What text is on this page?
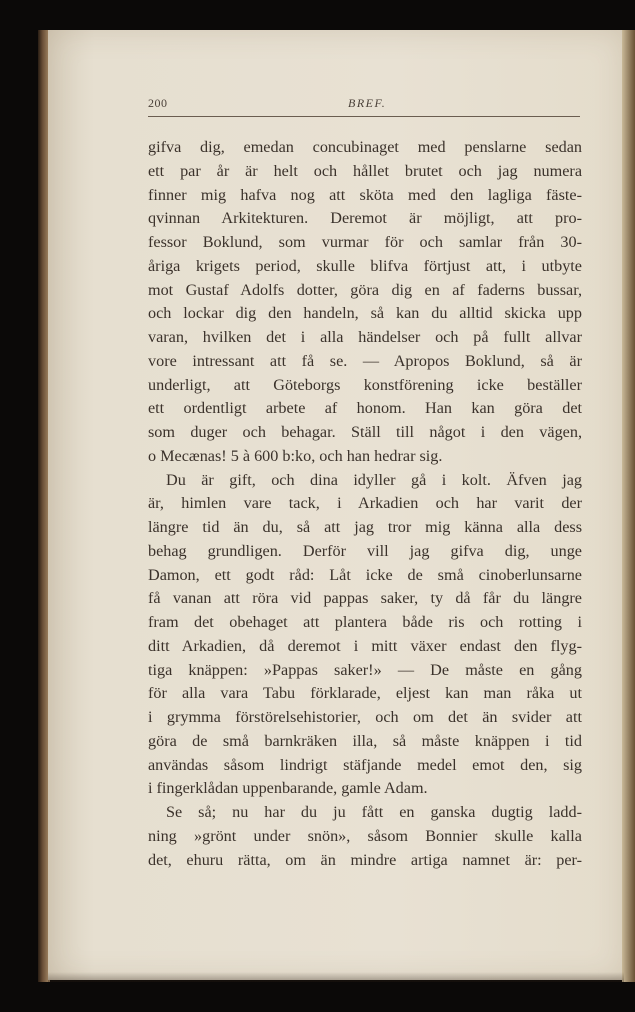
200	BREF.
gifva dig, emedan concubinaget med penslarne sedan
ett par år är helt och hållet brutet och jag numera
finner mig hafva nog att sköta med den lagliga fäste-
qvinnan Arkitekturen. Deremot är möjligt, att pro-
fessor Boklund, som vurmar för och samlar från 30-
åriga krigets period, skulle blifva förtjust att, i utbyte
mot Gustaf Adolfs dotter, göra dig en af faderns bussar,
och lockar dig den handeln, så kan du alltid skicka upp
varan, hvilken det i alla händelser och på fullt allvar
vore intressant att få se. — Apropos Boklund, så är
underligt, att Göteborgs konstförening icke beställer
ett ordentligt arbete af honom. Han kan göra det
som duger och behagar. Ställ till något i den vägen,
o Mecænas! 5 à 600 b:ko, och han hedrar sig.
Du är gift, och dina idyller gå i kolt. Äfven jag
är, himlen vare tack, i Arkadien och har varit der
längre tid än du, så att jag tror mig känna alla dess
behag grundligen. Derför vill jag gifva dig, unge
Damon, ett godt råd: Låt icke de små cinoberlunsarne
få vanan att röra vid pappas saker, ty då får du längre
fram det obehaget att plantera både ris och rotting i
ditt Arkadien, då deremot i mitt växer endast den flyg-
tiga knäppen: »Pappas saker!» — De måste en gång
för alla vara Tabu förklarade, eljest kan man råka ut
i grymma förstörelsehistorier, och om det än svider att
göra de små barnkräken illa, så måste knäppen i tid
användas såsom lindrigt stäfjande medel emot den, sig
i fingerklådan uppenbarande, gamle Adam.
Se så; nu har du ju fått en ganska dugtig ladd-
ning »grönt under snön», såsom Bonnier skulle kalla
det, ehuru rätta, om än mindre artiga namnet är: per-
